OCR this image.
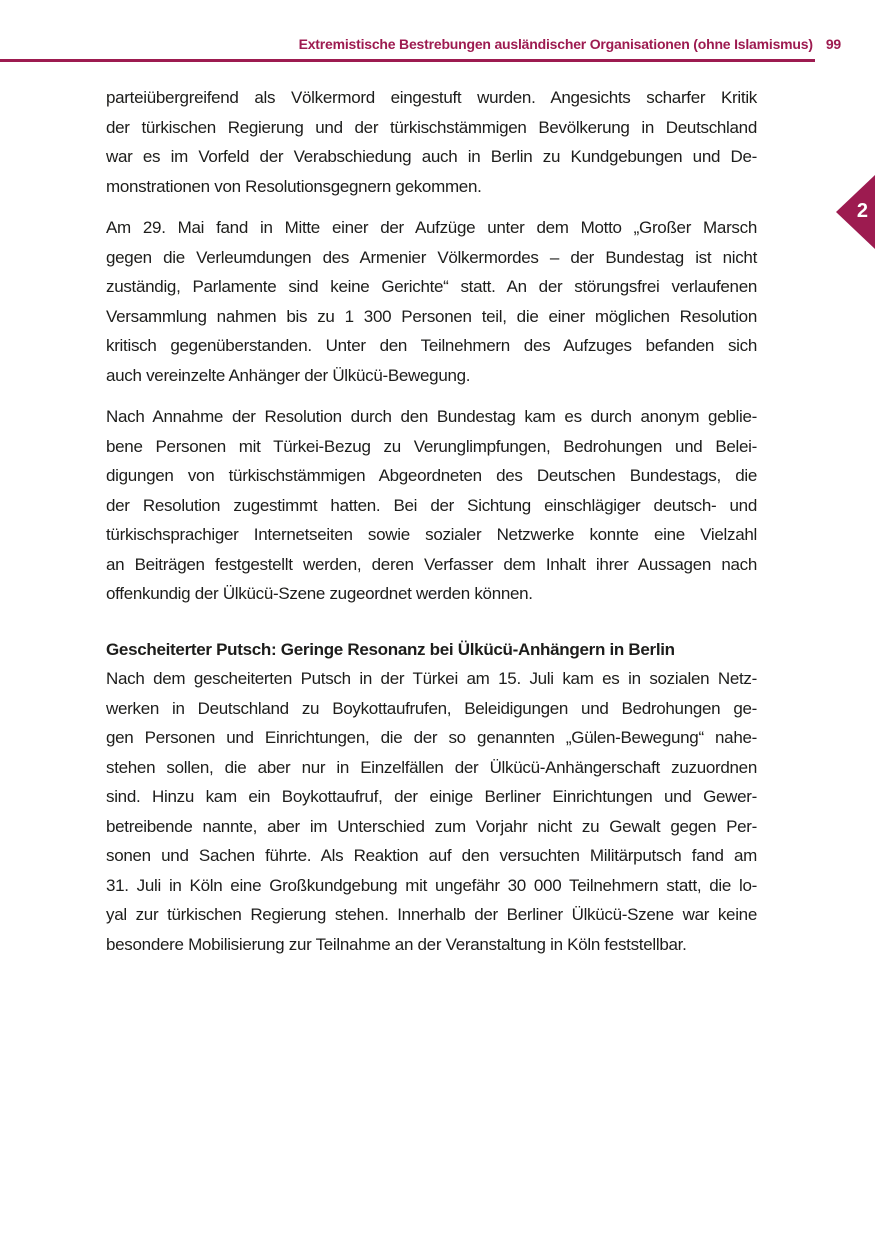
Extremistische Bestrebungen ausländischer Organisationen (ohne Islamismus) 99
2
parteiübergreifend als Völkermord eingestuft wurden. Angesichts scharfer Kritik
der türkischen Regierung und der türkischstämmigen Bevölkerung in Deutschland
war es im Vorfeld der Verabschiedung auch in Berlin zu Kundgebungen und De-
monstrationen von Resolutionsgegnern gekommen.
Am 29. Mai fand in Mitte einer der Aufzüge unter dem Motto „Großer Marsch
gegen die Verleumdungen des Armenier Völkermordes – der Bundestag ist nicht
zuständig, Parlamente sind keine Gerichte“ statt. An der störungsfrei verlaufenen
Versammlung nahmen bis zu 1 300 Personen teil, die einer möglichen Resolution
kritisch gegenüberstanden. Unter den Teilnehmern des Aufzuges befanden sich
auch vereinzelte Anhänger der Ülkücü-Bewegung.
Nach Annahme der Resolution durch den Bundestag kam es durch anonym geblie-
bene Personen mit Türkei-Bezug zu Verunglimpfungen, Bedrohungen und Belei-
digungen von türkischstämmigen Abgeordneten des Deutschen Bundestags, die
der Resolution zugestimmt hatten. Bei der Sichtung einschlägiger deutsch- und
türkischsprachiger Internetseiten sowie sozialer Netzwerke konnte eine Vielzahl
an Beiträgen festgestellt werden, deren Verfasser dem Inhalt ihrer Aussagen nach
offenkundig der Ülkücü-Szene zugeordnet werden können.
Gescheiterter Putsch: Geringe Resonanz bei Ülkücü-Anhängern in Berlin
Nach dem gescheiterten Putsch in der Türkei am 15. Juli kam es in sozialen Netz-
werken in Deutschland zu Boykottaufrufen, Beleidigungen und Bedrohungen ge-
gen Personen und Einrichtungen, die der so genannten „Gülen-Bewegung“ nahe-
stehen sollen, die aber nur in Einzelfällen der Ülkücü-Anhängerschaft zuzuordnen
sind. Hinzu kam ein Boykottaufruf, der einige Berliner Einrichtungen und Gewer-
betreibende nannte, aber im Unterschied zum Vorjahr nicht zu Gewalt gegen Per-
sonen und Sachen führte. Als Reaktion auf den versuchten Militärputsch fand am
31. Juli in Köln eine Großkundgebung mit ungefähr 30 000 Teilnehmern statt, die lo-
yal zur türkischen Regierung stehen. Innerhalb der Berliner Ülkücü-Szene war keine
besondere Mobilisierung zur Teilnahme an der Veranstaltung in Köln feststellbar.
